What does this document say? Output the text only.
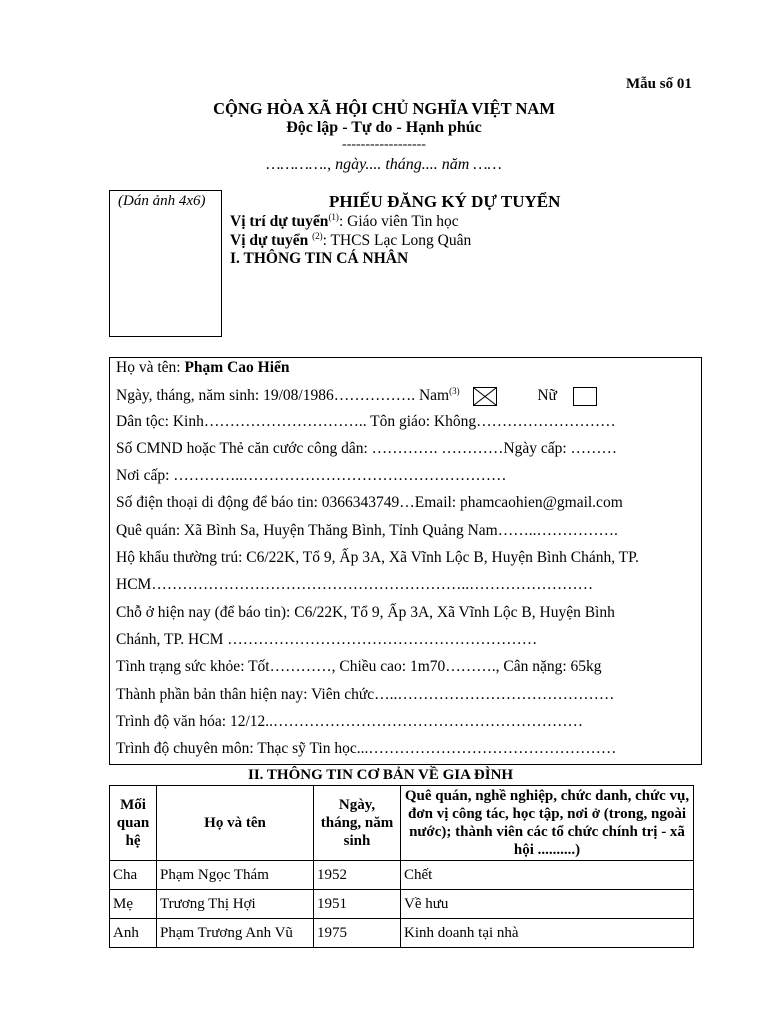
Mẫu số 01
CỘNG HÒA XÃ HỘI CHỦ NGHĨA VIỆT NAM
Độc lập - Tự do - Hạnh phúc
------------------
…………., ngày.... tháng.... năm ……
(Dán ảnh 4x6)	PHIẾU ĐĂNG KÝ DỰ TUYỂN
Vị trí dự tuyển$^{(1)}$: Giáo viên Tin học
Vị dự tuyển $^{(2)}$: THCS Lạc Long Quân
I. THÔNG TIN CÁ NHÂN
Họ và tên: Phạm Cao Hiển
Ngày, tháng, năm sinh: 19/08/1986……………. Nam$^{(3)}$	Nữ
Dân tộc: Kinh………………………….. Tôn giáo: Không………………………
Số CMND hoặc Thẻ căn cước công dân: …………. …………Ngày cấp: ………
Nơi cấp: …………..……………………………………………
Số điện thoại di động để báo tin: 0366343749…Email: phamcaohien@gmail.com
Quê quán: Xã Bình Sa, Huyện Thăng Bình, Tỉnh Quảng Nam……..…………….
Hộ khẩu thường trú: C6/22K, Tổ 9, Ấp 3A, Xã Vĩnh Lộc B, Huyện Bình Chánh, TP.
HCM……………………………………………………..……………………
Chỗ ở hiện nay (để báo tin): C6/22K, Tổ 9, Ấp 3A, Xã Vĩnh Lộc B, Huyện Bình
Chánh, TP. HCM ……………………………………………………
Tình trạng sức khỏe: Tốt…………, Chiều cao: 1m70………., Cân nặng: 65kg
Thành phần bản thân hiện nay: Viên chức…..……………………………………
Trình độ văn hóa: 12/12..……………………………………………………
Trình độ chuyên môn: Thạc sỹ Tin học...…………………………………………
II. THÔNG TIN CƠ BẢN VỀ GIA ĐÌNH
Mối quan hệ	Họ và tên	Ngày, tháng, năm sinh	Quê quán, nghề nghiệp, chức danh, chức vụ, đơn vị công tác, học tập, nơi ở (trong, ngoài nước); thành viên các tổ chức chính trị - xã hội ..........)
Cha	Phạm Ngọc Thám	1952	Chết
Mẹ	Trương Thị Hợi	1951	Về hưu
Anh	Phạm Trương Anh Vũ	1975	Kinh doanh tại nhà
